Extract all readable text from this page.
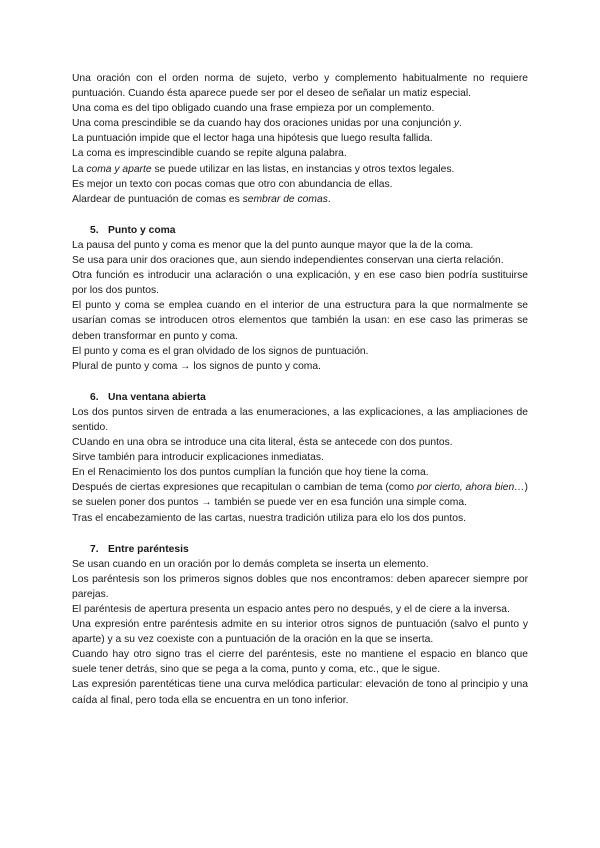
Una oración con el orden norma de sujeto, verbo y complemento habitualmente no requiere puntuación. Cuando ésta aparece puede ser por el deseo de señalar un matiz especial.

Una coma es del tipo obligado cuando una frase empieza por un complemento.

Una coma prescindible se da cuando hay dos oraciones unidas por una conjunción y.

La puntuación impide que el lector haga una hipótesis que luego resulta fallida.

La coma es imprescindible cuando se repite alguna palabra.

La coma y aparte se puede utilizar en las listas, en instancias y otros textos legales.

Es mejor un texto con pocas comas que otro con abundancia de ellas.

Alardear de puntuación de comas es sembrar de comas.

5. Punto y coma

La pausa del punto y coma es menor que la del punto aunque mayor que la de la coma.

Se usa para unir dos oraciones que, aun siendo independientes conservan una cierta relación.

Otra función es introducir una aclaración o una explicación, y en ese caso bien podría sustituirse por los dos puntos.

El punto y coma se emplea cuando en el interior de una estructura para la que normalmente se usarían comas se introducen otros elementos que también la usan: en ese caso las primeras se deben transformar en punto y coma.

El punto y coma es el gran olvidado de los signos de puntuación.

Plural de punto y coma → los signos de punto y coma.

6. Una ventana abierta

Los dos puntos sirven de entrada a las enumeraciones, a las explicaciones, a las ampliaciones de sentido.

CUando en una obra se introduce una cita literal, ésta se antecede con dos puntos.

Sirve también para introducir explicaciones inmediatas.

En el Renacimiento los dos puntos cumplían la función que hoy tiene la coma.

Después de ciertas expresiones que recapitulan o cambian de tema (como por cierto, ahora bien…) se suelen poner dos puntos → también se puede ver en esa función una simple coma.

Tras el encabezamiento de las cartas, nuestra tradición utiliza para elo los dos puntos.

7. Entre paréntesis

Se usan cuando en un oración por lo demás completa se inserta un elemento.

Los paréntesis son los primeros signos dobles que nos encontramos: deben aparecer siempre por parejas.

El paréntesis de apertura presenta un espacio antes pero no después, y el de ciere a la inversa.

Una expresión entre paréntesis admite en su interior otros signos de puntuación (salvo el punto y aparte) y a su vez coexiste con a puntuación de la oración en la que se inserta.

Cuando hay otro signo tras el cierre del paréntesis, este no mantiene el espacio en blanco que suele tener detrás, sino que se pega a la coma, punto y coma, etc., que le sigue.

Las expresión parentéticas tiene una curva melódica particular: elevación de tono al principio y una caída al final, pero toda ella se encuentra en un tono inferior.
